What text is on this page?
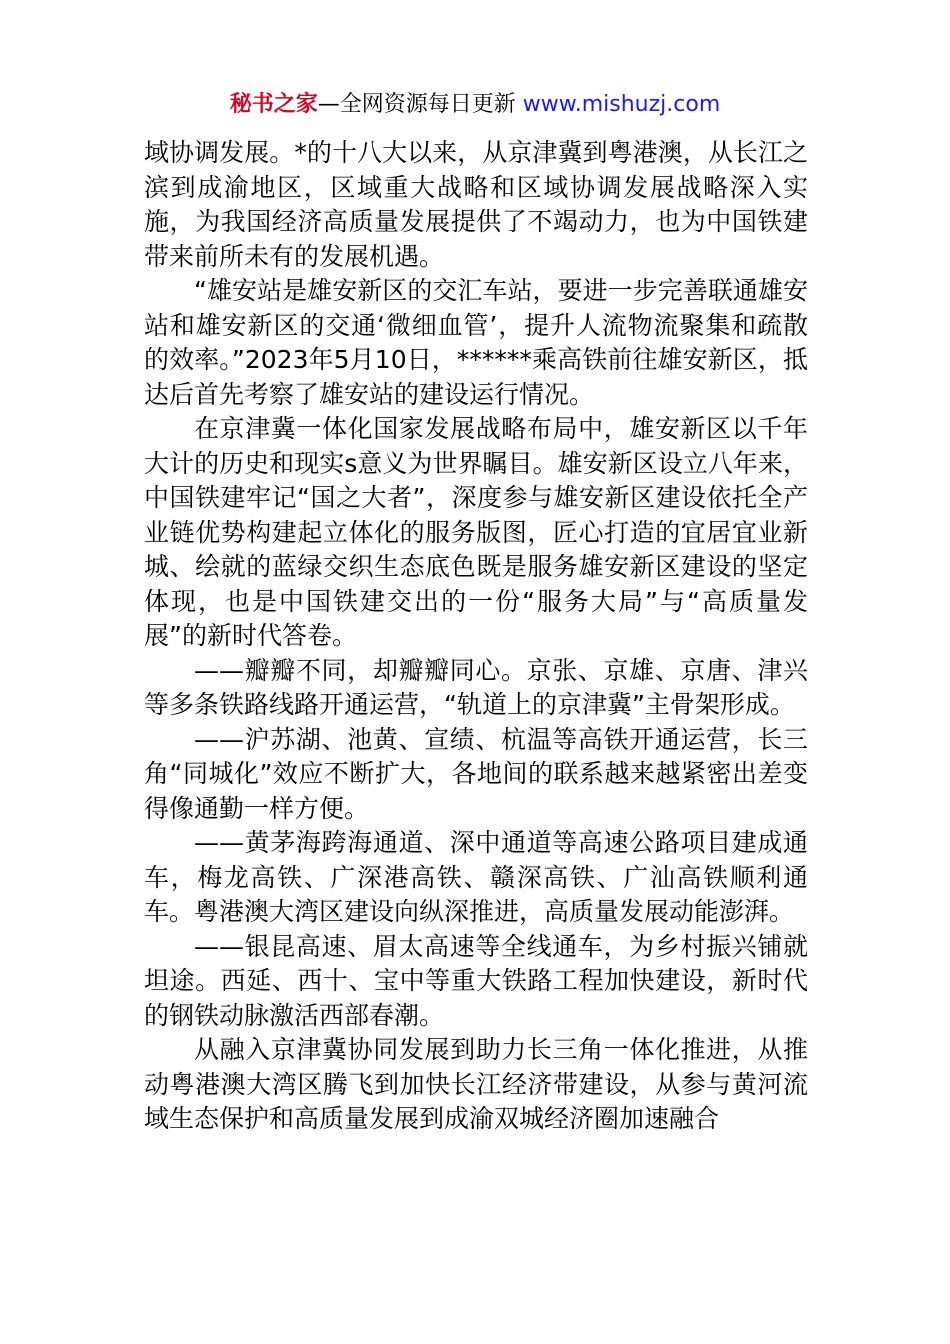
秘书之家—全网资源每日更新 www.mishuzj.com

域协调发展。*的十八大以来，从京津冀到粤港澳，从长江之滨到成渝地区，区域重大战略和区域协调发展战略深入实施，为我国经济高质量发展提供了不竭动力，也为中国铁建带来前所未有的发展机遇。

“雄安站是雄安新区的交汇车站，要进一步完善联通雄安站和雄安新区的交通‘微细血管’，提升人流物流聚集和疏散的效率。”2023年5月10日，******乘高铁前往雄安新区，抵达后首先考察了雄安站的建设运行情况。

在京津冀一体化国家发展战略布局中，雄安新区以千年大计的历史和现实s意义为世界瞩目。雄安新区设立八年来，中国铁建牢记“国之大者”，深度参与雄安新区建设依托全产业链优势构建起立体化的服务版图，匠心打造的宜居宜业新城、绘就的蓝绿交织生态底色既是服务雄安新区建设的坚定体现，也是中国铁建交出的一份“服务大局”与“高质量发展”的新时代答卷。

——瓣瓣不同，却瓣瓣同心。京张、京雄、京唐、津兴等多条铁路线路开通运营，“轨道上的京津冀”主骨架形成。

——沪苏湖、池黄、宣绩、杭温等高铁开通运营，长三角“同城化”效应不断扩大，各地间的联系越来越紧密出差变得像通勤一样方便。

——黄茅海跨海通道、深中通道等高速公路项目建成通车，梅龙高铁、广深港高铁、赣深高铁、广汕高铁顺利通车。粤港澳大湾区建设向纵深推进，高质量发展动能澎湃。

——银昆高速、眉太高速等全线通车，为乡村振兴铺就坦途。西延、西十、宝中等重大铁路工程加快建设，新时代的钢铁动脉激活西部春潮。

从融入京津冀协同发展到助力长三角一体化推进，从推动粤港澳大湾区腾飞到加快长江经济带建设，从参与黄河流域生态保护和高质量发展到成渝双城经济圈加速融合
